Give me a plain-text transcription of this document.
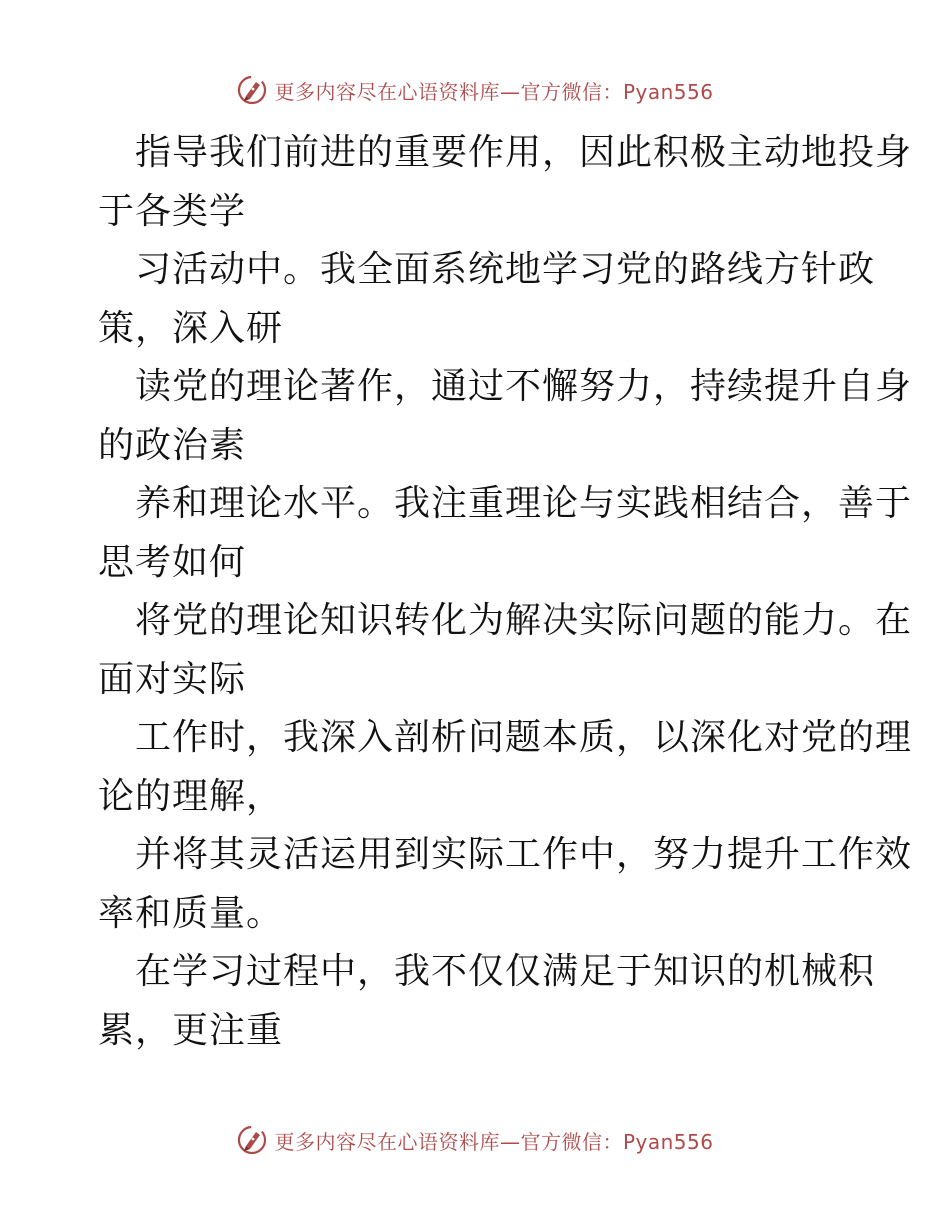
更多内容尽在心语资料库—官方微信：Pyan556
指导我们前进的重要作用，因此积极主动地投身
于各类学
习活动中。我全面系统地学习党的路线方针政
策，深入研
读党的理论著作，通过不懈努力，持续提升自身
的政治素
养和理论水平。我注重理论与实践相结合，善于
思考如何
将党的理论知识转化为解决实际问题的能力。在
面对实际
工作时，我深入剖析问题本质，以深化对党的理
论的理解，
并将其灵活运用到实际工作中，努力提升工作效
率和质量。
在学习过程中，我不仅仅满足于知识的机械积
累，更注重
更多内容尽在心语资料库—官方微信：Pyan556
